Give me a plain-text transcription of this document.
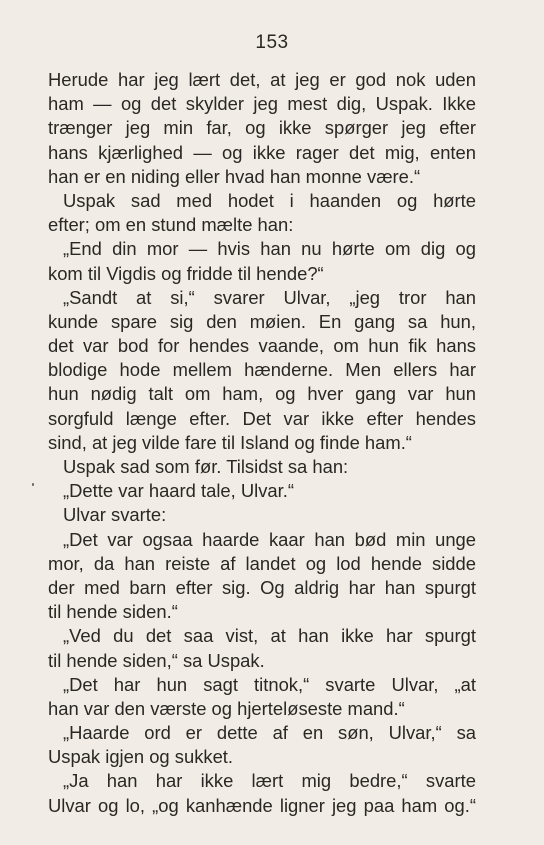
153
Herude har jeg lært det, at jeg er god nok uden
ham — og det skylder jeg mest dig, Uspak. Ikke
trænger jeg min far, og ikke spørger jeg efter
hans kjærlighed — og ikke rager det mig, enten
han er en niding eller hvad han monne være.“
Uspak sad med hodet i haanden og hørte
efter; om en stund mælte han:
„End din mor — hvis han nu hørte om dig og
kom til Vigdis og fridde til hende?“
„Sandt at si,“ svarer Ulvar, „jeg tror han
kunde spare sig den møien. En gang sa hun,
det var bod for hendes vaande, om hun fik hans
blodige hode mellem hænderne. Men ellers har
hun nødig talt om ham, og hver gang var hun
sorgfuld længe efter. Det var ikke efter hendes
sind, at jeg vilde fare til Island og finde ham.“
Uspak sad som før. Tilsidst sa han:
„Dette var haard tale, Ulvar.“
Ulvar svarte:
„Det var ogsaa haarde kaar han bød min unge
mor, da han reiste af landet og lod hende sidde
der med barn efter sig. Og aldrig har han spurgt
til hende siden.“
„Ved du det saa vist, at han ikke har spurgt
til hende siden,“ sa Uspak.
„Det har hun sagt titnok,“ svarte Ulvar, „at
han var den værste og hjerteløseste mand.“
„Haarde ord er dette af en søn, Ulvar,“ sa
Uspak igjen og sukket.
„Ja han har ikke lært mig bedre,“ svarte
Ulvar og lo, „og kanhænde ligner jeg paa ham og.“
